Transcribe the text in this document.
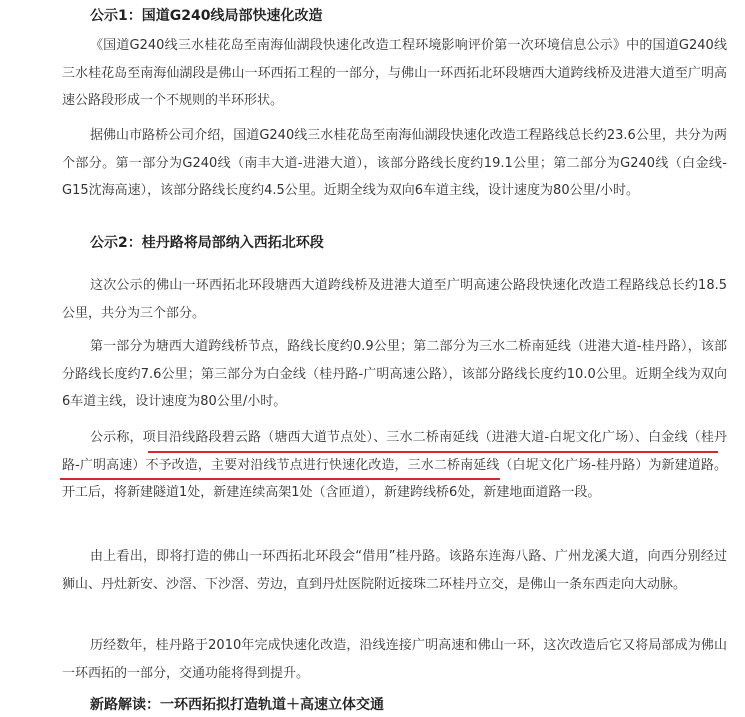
公示1：国道G240线局部快速化改造

《国道G240线三水桂花岛至南海仙湖段快速化改造工程环境影响评价第一次环境信息公示》中的国道G240线三水桂花岛至南海仙湖段是佛山一环西拓工程的一部分，与佛山一环西拓北环段塘西大道跨线桥及进港大道至广明高速公路段形成一个不规则的半环形状。

据佛山市路桥公司介绍，国道G240线三水桂花岛至南海仙湖段快速化改造工程路线总长约23.6公里，共分为两个部分。第一部分为G240线（南丰大道-进港大道），该部分路线长度约19.1公里；第二部分为G240线（白金线-G15沈海高速），该部分路线长度约4.5公里。近期全线为双向6车道主线，设计速度为80公里/小时。

公示2：桂丹路将局部纳入西拓北环段

这次公示的佛山一环西拓北环段塘西大道跨线桥及进港大道至广明高速公路段快速化改造工程路线总长约18.5公里，共分为三个部分。

第一部分为塘西大道跨线桥节点，路线长度约0.9公里；第二部分为三水二桥南延线（进港大道-桂丹路），该部分路线长度约7.6公里；第三部分为白金线（桂丹路-广明高速公路），该部分路线长度约10.0公里。近期全线为双向6车道主线，设计速度为80公里/小时。

公示称，项目沿线路段碧云路（塘西大道节点处）、三水二桥南延线（进港大道-白坭文化广场）、白金线（桂丹路-广明高速）不予改造，主要对沿线节点进行快速化改造，三水二桥南延线（白坭文化广场-桂丹路）为新建道路。开工后，将新建隧道1处，新建连续高架1处（含匝道），新建跨线桥6处，新建地面道路一段。

由上看出，即将打造的佛山一环西拓北环段会“借用”桂丹路。该路东连海八路、广州龙溪大道，向西分别经过狮山、丹灶新安、沙滘、下沙滘、劳边，直到丹灶医院附近接珠二环桂丹立交，是佛山一条东西走向大动脉。

历经数年，桂丹路于2010年完成快速化改造，沿线连接广明高速和佛山一环，这次改造后它又将局部成为佛山一环西拓的一部分，交通功能将得到提升。

新路解读：一环西拓拟打造轨道＋高速立体交通
